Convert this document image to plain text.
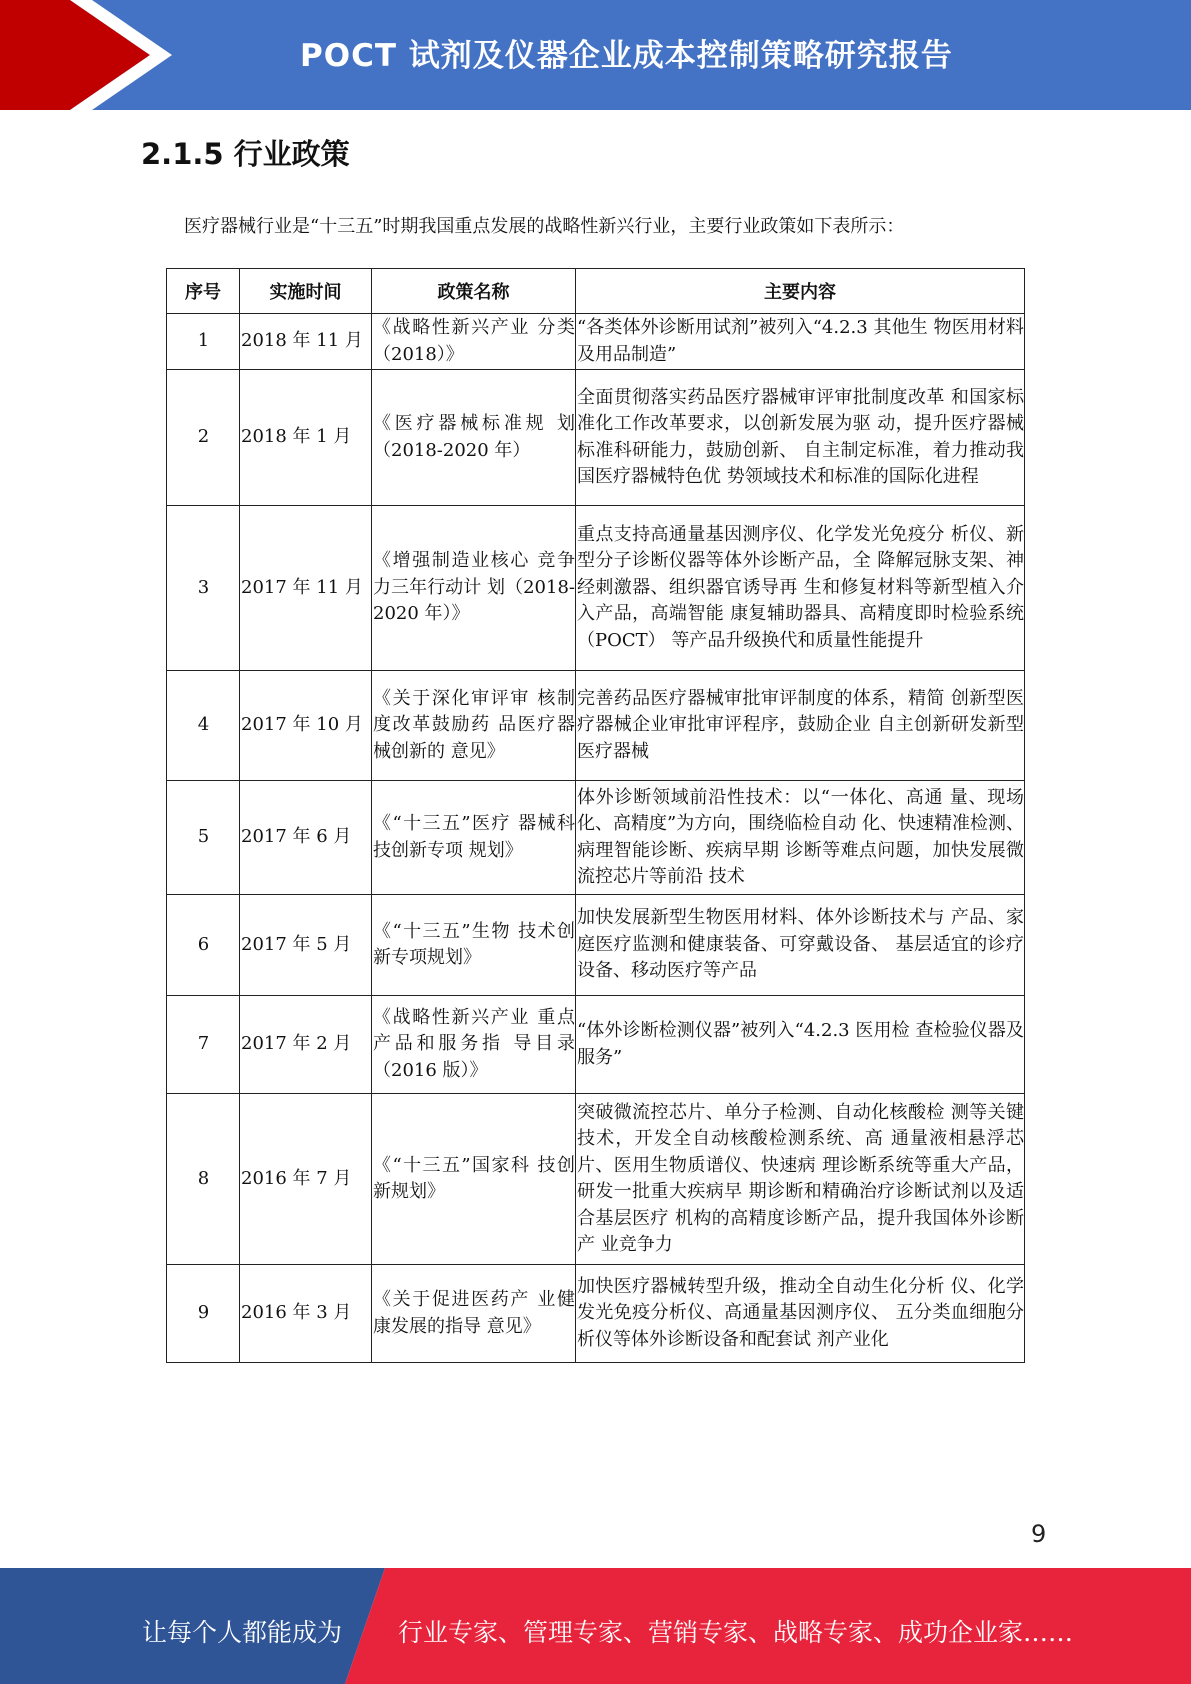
POCT 试剂及仪器企业成本控制策略研究报告
2.1.5 行业政策
医疗器械行业是“十三五”时期我国重点发展的战略性新兴行业，主要行业政策如下表所示：
序号	实施时间	政策名称	主要内容
1	2018 年 11 月	《战略性新兴产业 分类（2018）》	“各类体外诊断用试剂”被列入“4.2.3 其他生 物医用材料及用品制造”
2	2018 年 1 月	《医疗器械标准规 划（2018-2020 年）	全面贯彻落实药品医疗器械审评审批制度改革 和国家标准化工作改革要求，以创新发展为驱 动，提升医疗器械标准科研能力，鼓励创新、 自主制定标准，着力推动我国医疗器械特色优 势领域技术和标准的国际化进程
3	2017 年 11 月	《增强制造业核心 竞争力三年行动计 划（2018-2020 年）》	重点支持高通量基因测序仪、化学发光免疫分 析仪、新型分子诊断仪器等体外诊断产品，全 降解冠脉支架、神经刺激器、组织器官诱导再 生和修复材料等新型植入介入产品，高端智能 康复辅助器具、高精度即时检验系统（POCT） 等产品升级换代和质量性能提升
4	2017 年 10 月	《关于深化审评审 核制度改革鼓励药 品医疗器械创新的 意见》	完善药品医疗器械审批审评制度的体系，精简 创新型医疗器械企业审批审评程序，鼓励企业 自主创新研发新型医疗器械
5	2017 年 6 月	《“十三五”医疗 器械科技创新专项 规划》	体外诊断领域前沿性技术：以“一体化、高通 量、现场化、高精度”为方向，围绕临检自动 化、快速精准检测、病理智能诊断、疾病早期 诊断等难点问题，加快发展微流控芯片等前沿 技术
6	2017 年 5 月	《“十三五”生物 技术创新专项规划》	加快发展新型生物医用材料、体外诊断技术与 产品、家庭医疗监测和健康装备、可穿戴设备、 基层适宜的诊疗设备、移动医疗等产品
7	2017 年 2 月	《战略性新兴产业 重点产品和服务指 导目录（2016 版）》	“体外诊断检测仪器”被列入“4.2.3 医用检 查检验仪器及服务”
8	2016 年 7 月	《“十三五”国家科 技创新规划》	突破微流控芯片、单分子检测、自动化核酸检 测等关键技术，开发全自动核酸检测系统、高 通量液相悬浮芯片、医用生物质谱仪、快速病 理诊断系统等重大产品，研发一批重大疾病早 期诊断和精确治疗诊断试剂以及适合基层医疗 机构的高精度诊断产品，提升我国体外诊断产 业竞争力
9	2016 年 3 月	《关于促进医药产 业健康发展的指导 意见》	加快医疗器械转型升级，推动全自动生化分析 仪、化学发光免疫分析仪、高通量基因测序仪、 五分类血细胞分析仪等体外诊断设备和配套试 剂产业化
9
让每个人都能成为 行业专家、管理专家、营销专家、战略专家、成功企业家……
